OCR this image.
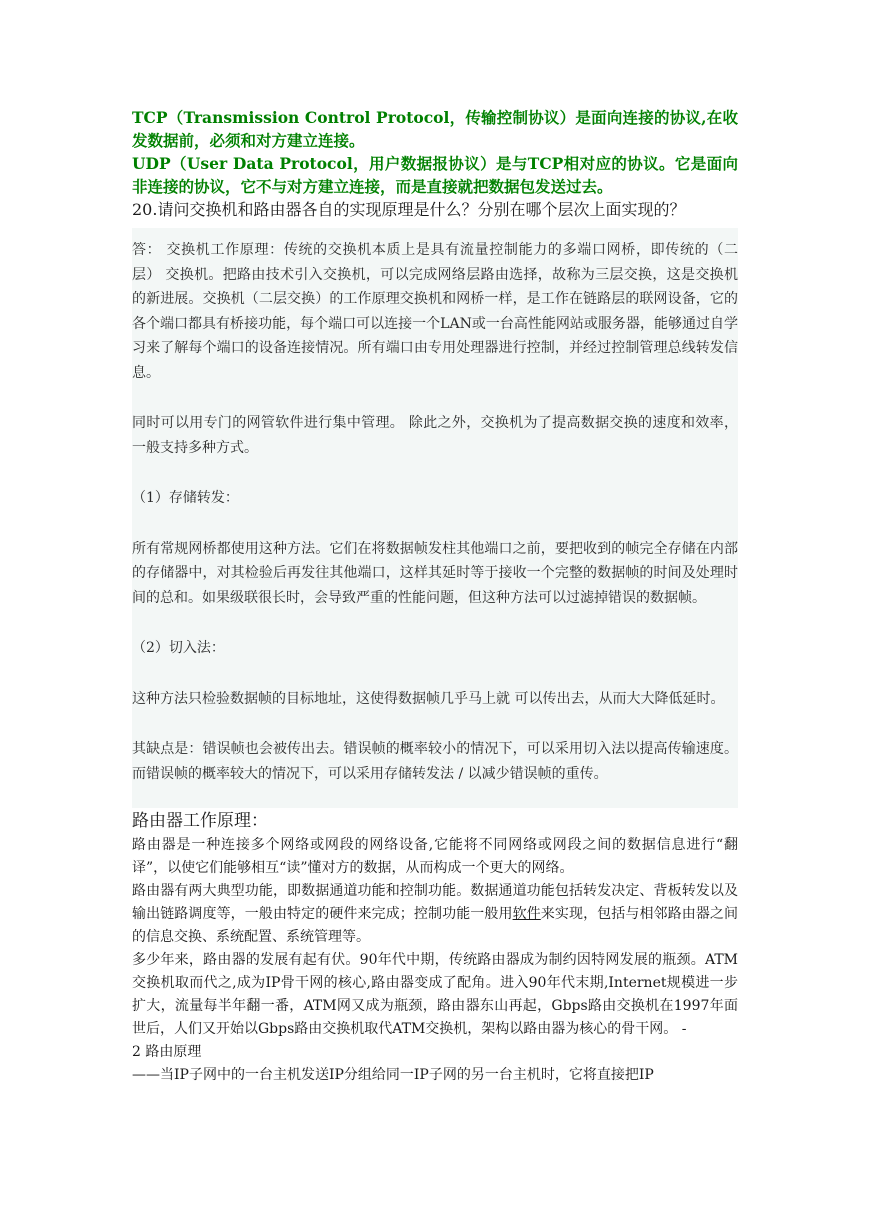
TCP（Transmission Control Protocol，传输控制协议）是面向连接的协议,在收发数据前，必须和对方建立连接。

UDP（User Data Protocol，用户数据报协议）是与TCP相对应的协议。它是面向非连接的协议，它不与对方建立连接，而是直接就把数据包发送过去。

20.请问交换机和路由器各自的实现原理是什么？分别在哪个层次上面实现的？

答： 交换机工作原理：传统的交换机本质上是具有流量控制能力的多端口网桥，即传统的（二层） 交换机。把路由技术引入交换机，可以完成网络层路由选择，故称为三层交换，这是交换机的新进展。交换机（二层交换）的工作原理交换机和网桥一样，是工作在链路层的联网设备，它的各个端口都具有桥接功能，每个端口可以连接一个LAN或一台高性能网站或服务器，能够通过自学习来了解每个端口的设备连接情况。所有端口由专用处理器进行控制，并经过控制管理总线转发信息。

同时可以用专门的网管软件进行集中管理。 除此之外，交换机为了提高数据交换的速度和效率，一般支持多种方式。

（1）存储转发：

所有常规网桥都使用这种方法。它们在将数据帧发柱其他端口之前，要把收到的帧完全存储在内部的存储器中，对其检验后再发往其他端口，这样其延时等于接收一个完整的数据帧的时间及处理时间的总和。如果级联很长时，会导致严重的性能问题，但这种方法可以过滤掉错误的数据帧。

（2）切入法：

这种方法只检验数据帧的目标地址，这使得数据帧几乎马上就 可以传出去，从而大大降低延时。

其缺点是：错误帧也会被传出去。错误帧的概率较小的情况下，可以采用切入法以提高传输速度。而错误帧的概率较大的情况下，可以采用存储转发法 / 以减少错误帧的重传。

路由器工作原理：

路由器是一种连接多个网络或网段的网络设备,它能将不同网络或网段之间的数据信息进行“翻译”，以使它们能够相互“读”懂对方的数据，从而构成一个更大的网络。

路由器有两大典型功能，即数据通道功能和控制功能。数据通道功能包括转发决定、背板转发以及输出链路调度等，一般由特定的硬件来完成；控制功能一般用软件来实现，包括与相邻路由器之间的信息交换、系统配置、系统管理等。

多少年来，路由器的发展有起有伏。90年代中期，传统路由器成为制约因特网发展的瓶颈。ATM交换机取而代之,成为IP骨干网的核心,路由器变成了配角。进入90年代末期,Internet规模进一步扩大，流量每半年翻一番，ATM网又成为瓶颈，路由器东山再起，Gbps路由交换机在1997年面世后，人们又开始以Gbps路由交换机取代ATM交换机，架构以路由器为核心的骨干网。 -

2 路由原理

——当IP子网中的一台主机发送IP分组给同一IP子网的另一台主机时，它将直接把IP
